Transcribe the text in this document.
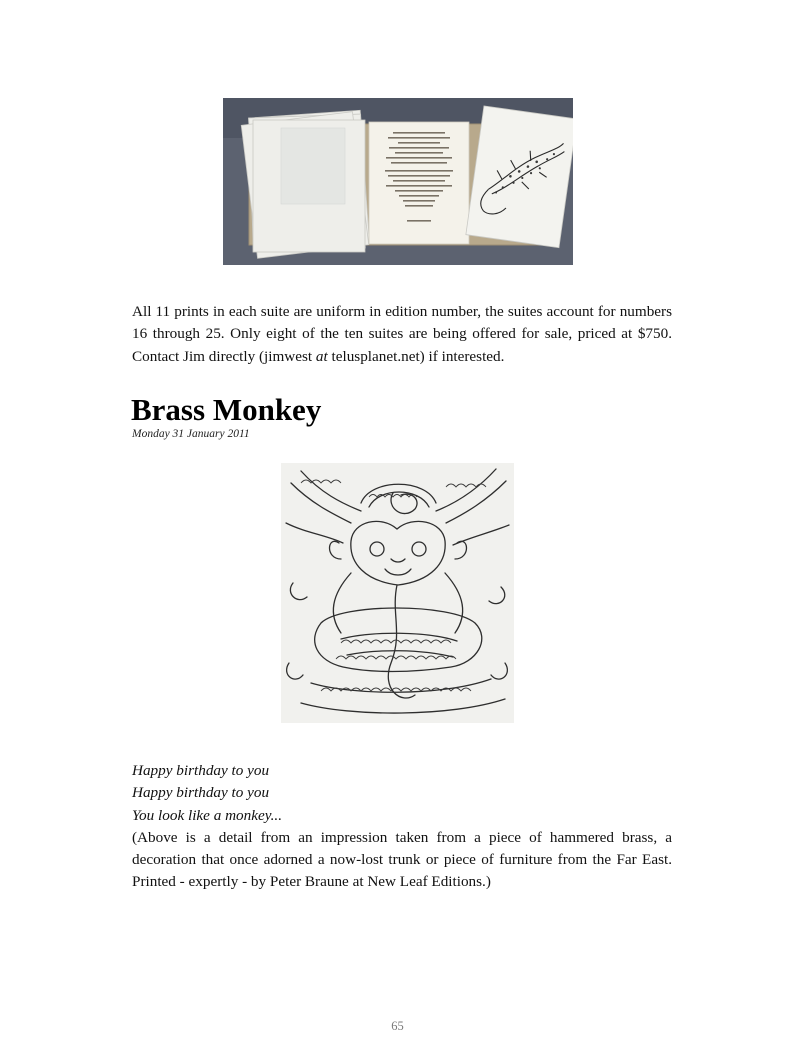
All 11 prints in each suite are uniform in edition number, the suites account for numbers 16 through 25. Only eight of the ten suites are being offered for sale, priced at $750. Contact Jim directly (jimwest at telusplanet.net) if interested.

Brass Monkey
Monday 31 January 2011
Happy birthday to you
Happy birthday to you
You look like a monkey...
(Above is a detail from an impression taken from a piece of hammered brass, a decoration that once adorned a now-lost trunk or piece of furniture from the Far East. Printed - expertly - by Peter Braune at New Leaf Editions.)
65
